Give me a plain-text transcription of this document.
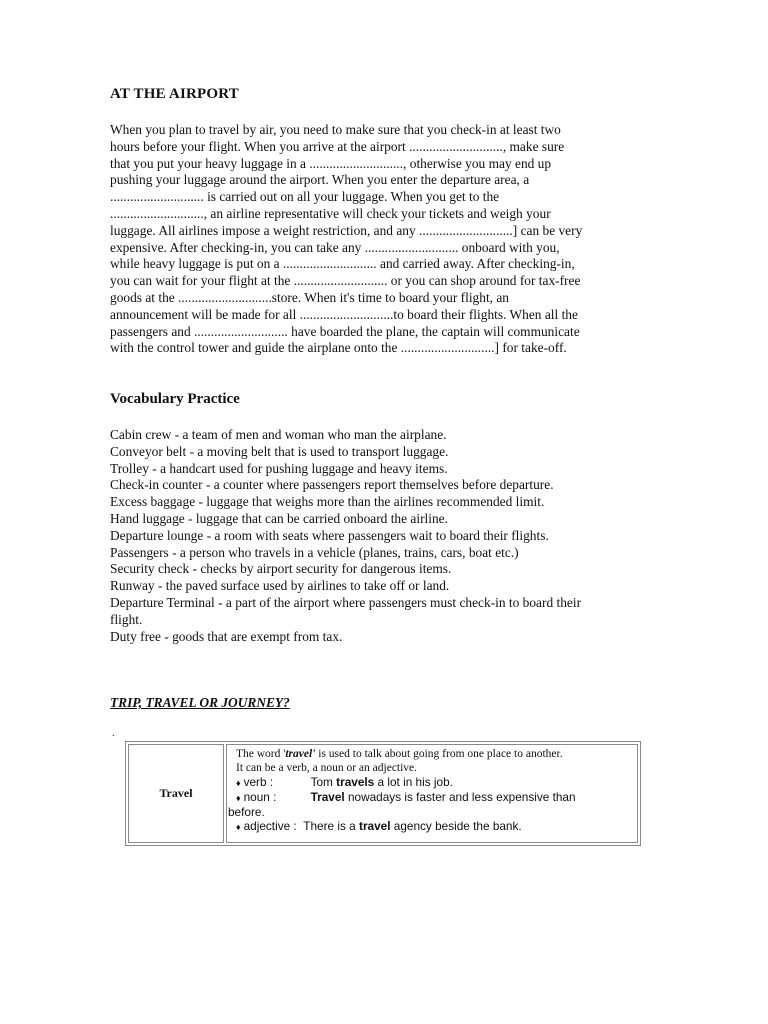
AT THE AIRPORT

When you plan to travel by air, you need to make sure that you check-in at least two
hours before your flight. When you arrive at the airport ............................, make sure
that you put your heavy luggage in a ............................, otherwise you may end up
pushing your luggage around the airport. When you enter the departure area, a
............................ is carried out on all your luggage. When you get to the
............................, an airline representative will check your tickets and weigh your
luggage. All airlines impose a weight restriction, and any ............................] can be very
expensive. After checking-in, you can take any ............................ onboard with you,
while heavy luggage is put on a ............................ and carried away. After checking-in,
you can wait for your flight at the ............................ or you can shop around for tax-free
goods at the ............................store. When it's time to board your flight, an
announcement will be made for all ............................to board their flights. When all the
passengers and ............................ have boarded the plane, the captain will communicate
with the control tower and guide the airplane onto the ............................] for take-off.

Vocabulary Practice
Cabin crew - a team of men and woman who man the airplane.
Conveyor belt - a moving belt that is used to transport luggage.
Trolley - a handcart used for pushing luggage and heavy items.
Check-in counter - a counter where passengers report themselves before departure.
Excess baggage - luggage that weighs more than the airlines recommended limit.
Hand luggage - luggage that can be carried onboard the airline.
Departure lounge - a room with seats where passengers wait to board their flights.
Passengers - a person who travels in a vehicle (planes, trains, cars, boat etc.)
Security check - checks by airport security for dangerous items.
Runway - the paved surface used by airlines to take off or land.
Departure Terminal - a part of the airport where passengers must check-in to board their
flight.
Duty free - goods that are exempt from tax.
TRIP, TRAVEL OR JOURNEY?
.
Travel
The word 'travel' is used to talk about going from one place to another.
It can be a verb, a noun or an adjective.
♦ verb :	Tom travels a lot in his job.
♦ noun :	Travel nowadays is faster and less expensive than
before.
♦ adjective : There is a travel agency beside the bank.
